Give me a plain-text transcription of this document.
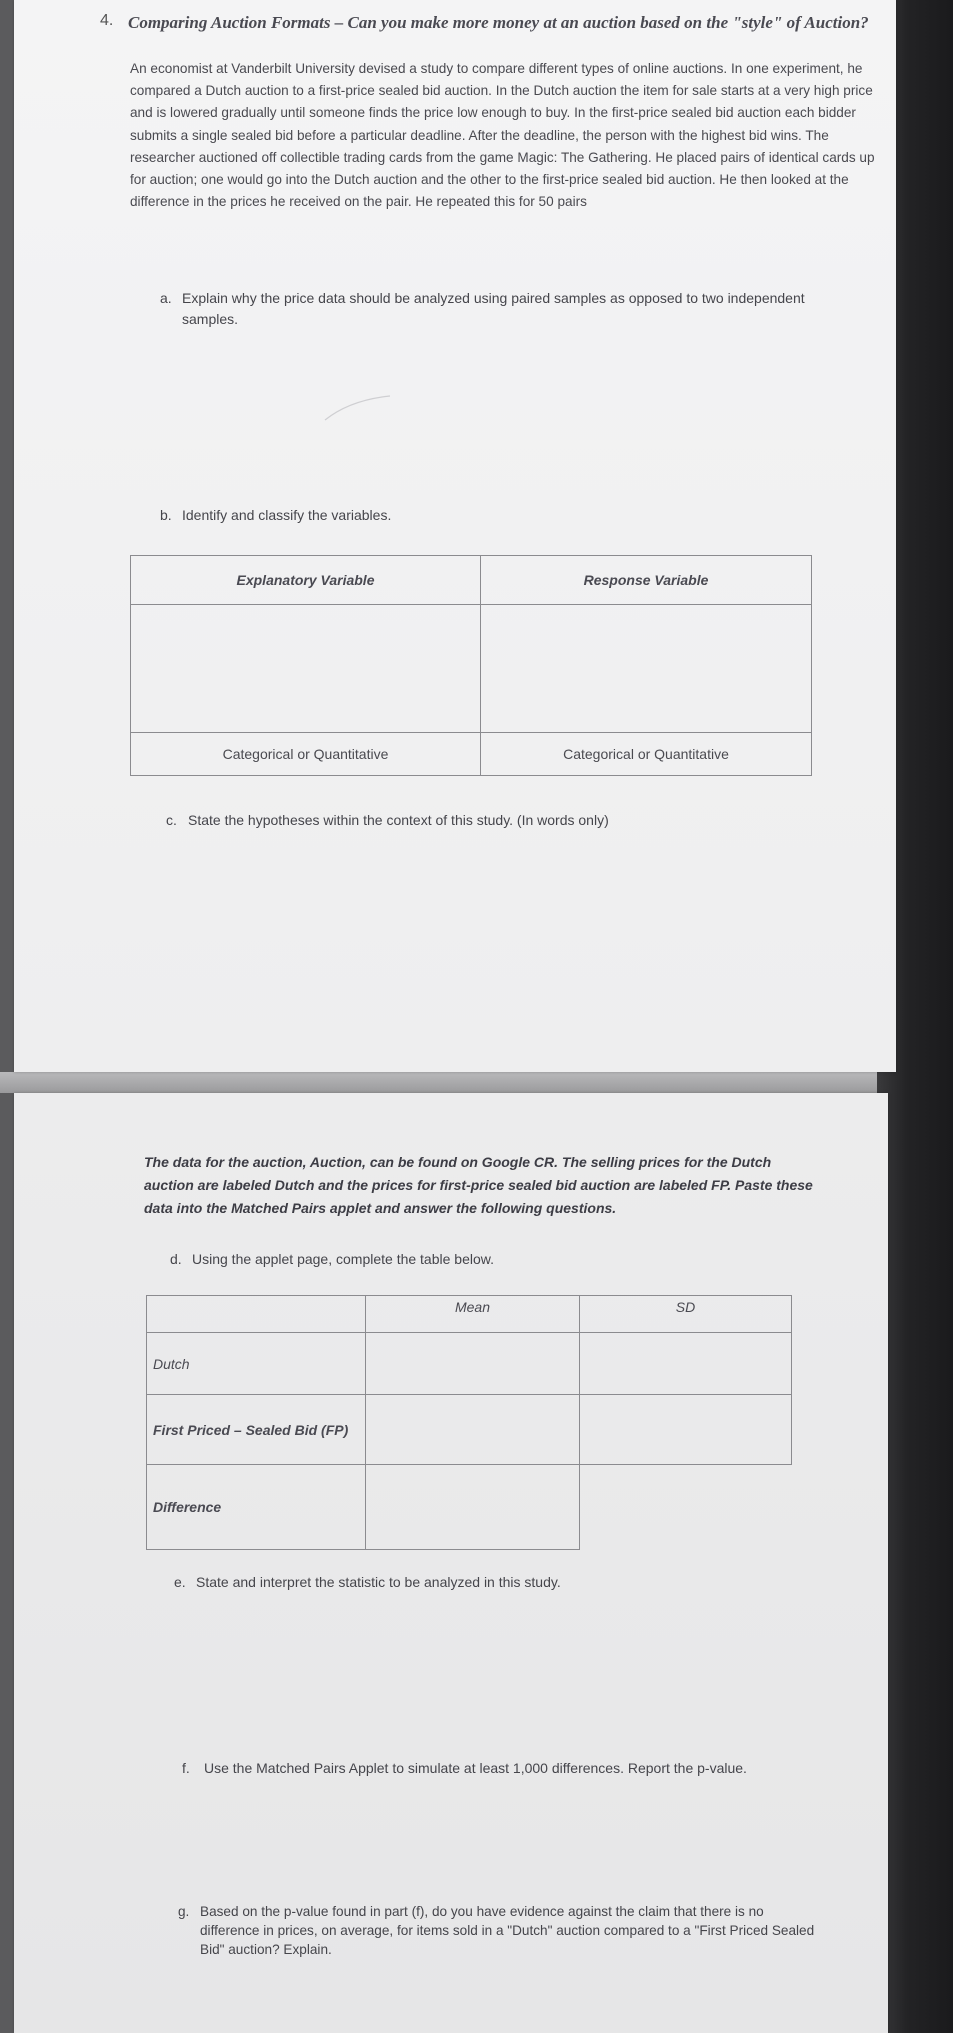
4. Comparing Auction Formats – Can you make more money at an auction based on the "style" of Auction?
An economist at Vanderbilt University devised a study to compare different types of online auctions. In one experiment, he compared a Dutch auction to a first-price sealed bid auction. In the Dutch auction the item for sale starts at a very high price and is lowered gradually until someone finds the price low enough to buy. In the first-price sealed bid auction each bidder submits a single sealed bid before a particular deadline. After the deadline, the person with the highest bid wins. The researcher auctioned off collectible trading cards from the game Magic: The Gathering. He placed pairs of identical cards up for auction; one would go into the Dutch auction and the other to the first-price sealed bid auction. He then looked at the difference in the prices he received on the pair. He repeated this for 50 pairs
a. Explain why the price data should be analyzed using paired samples as opposed to two independent samples.
b. Identify and classify the variables.
Explanatory Variable	Response Variable

Categorical or Quantitative	Categorical or Quantitative
c. State the hypotheses within the context of this study. (In words only)
The data for the auction, Auction, can be found on Google CR. The selling prices for the Dutch auction are labeled Dutch and the prices for first-price sealed bid auction are labeled FP. Paste these data into the Matched Pairs applet and answer the following questions.
d. Using the applet page, complete the table below.
	Mean	SD
Dutch		
First Priced – Sealed Bid (FP)		
Difference		
e. State and interpret the statistic to be analyzed in this study.
f. Use the Matched Pairs Applet to simulate at least 1,000 differences. Report the p-value.
g. Based on the p-value found in part (f), do you have evidence against the claim that there is no difference in prices, on average, for items sold in a "Dutch" auction compared to a "First Priced Sealed Bid" auction? Explain.
